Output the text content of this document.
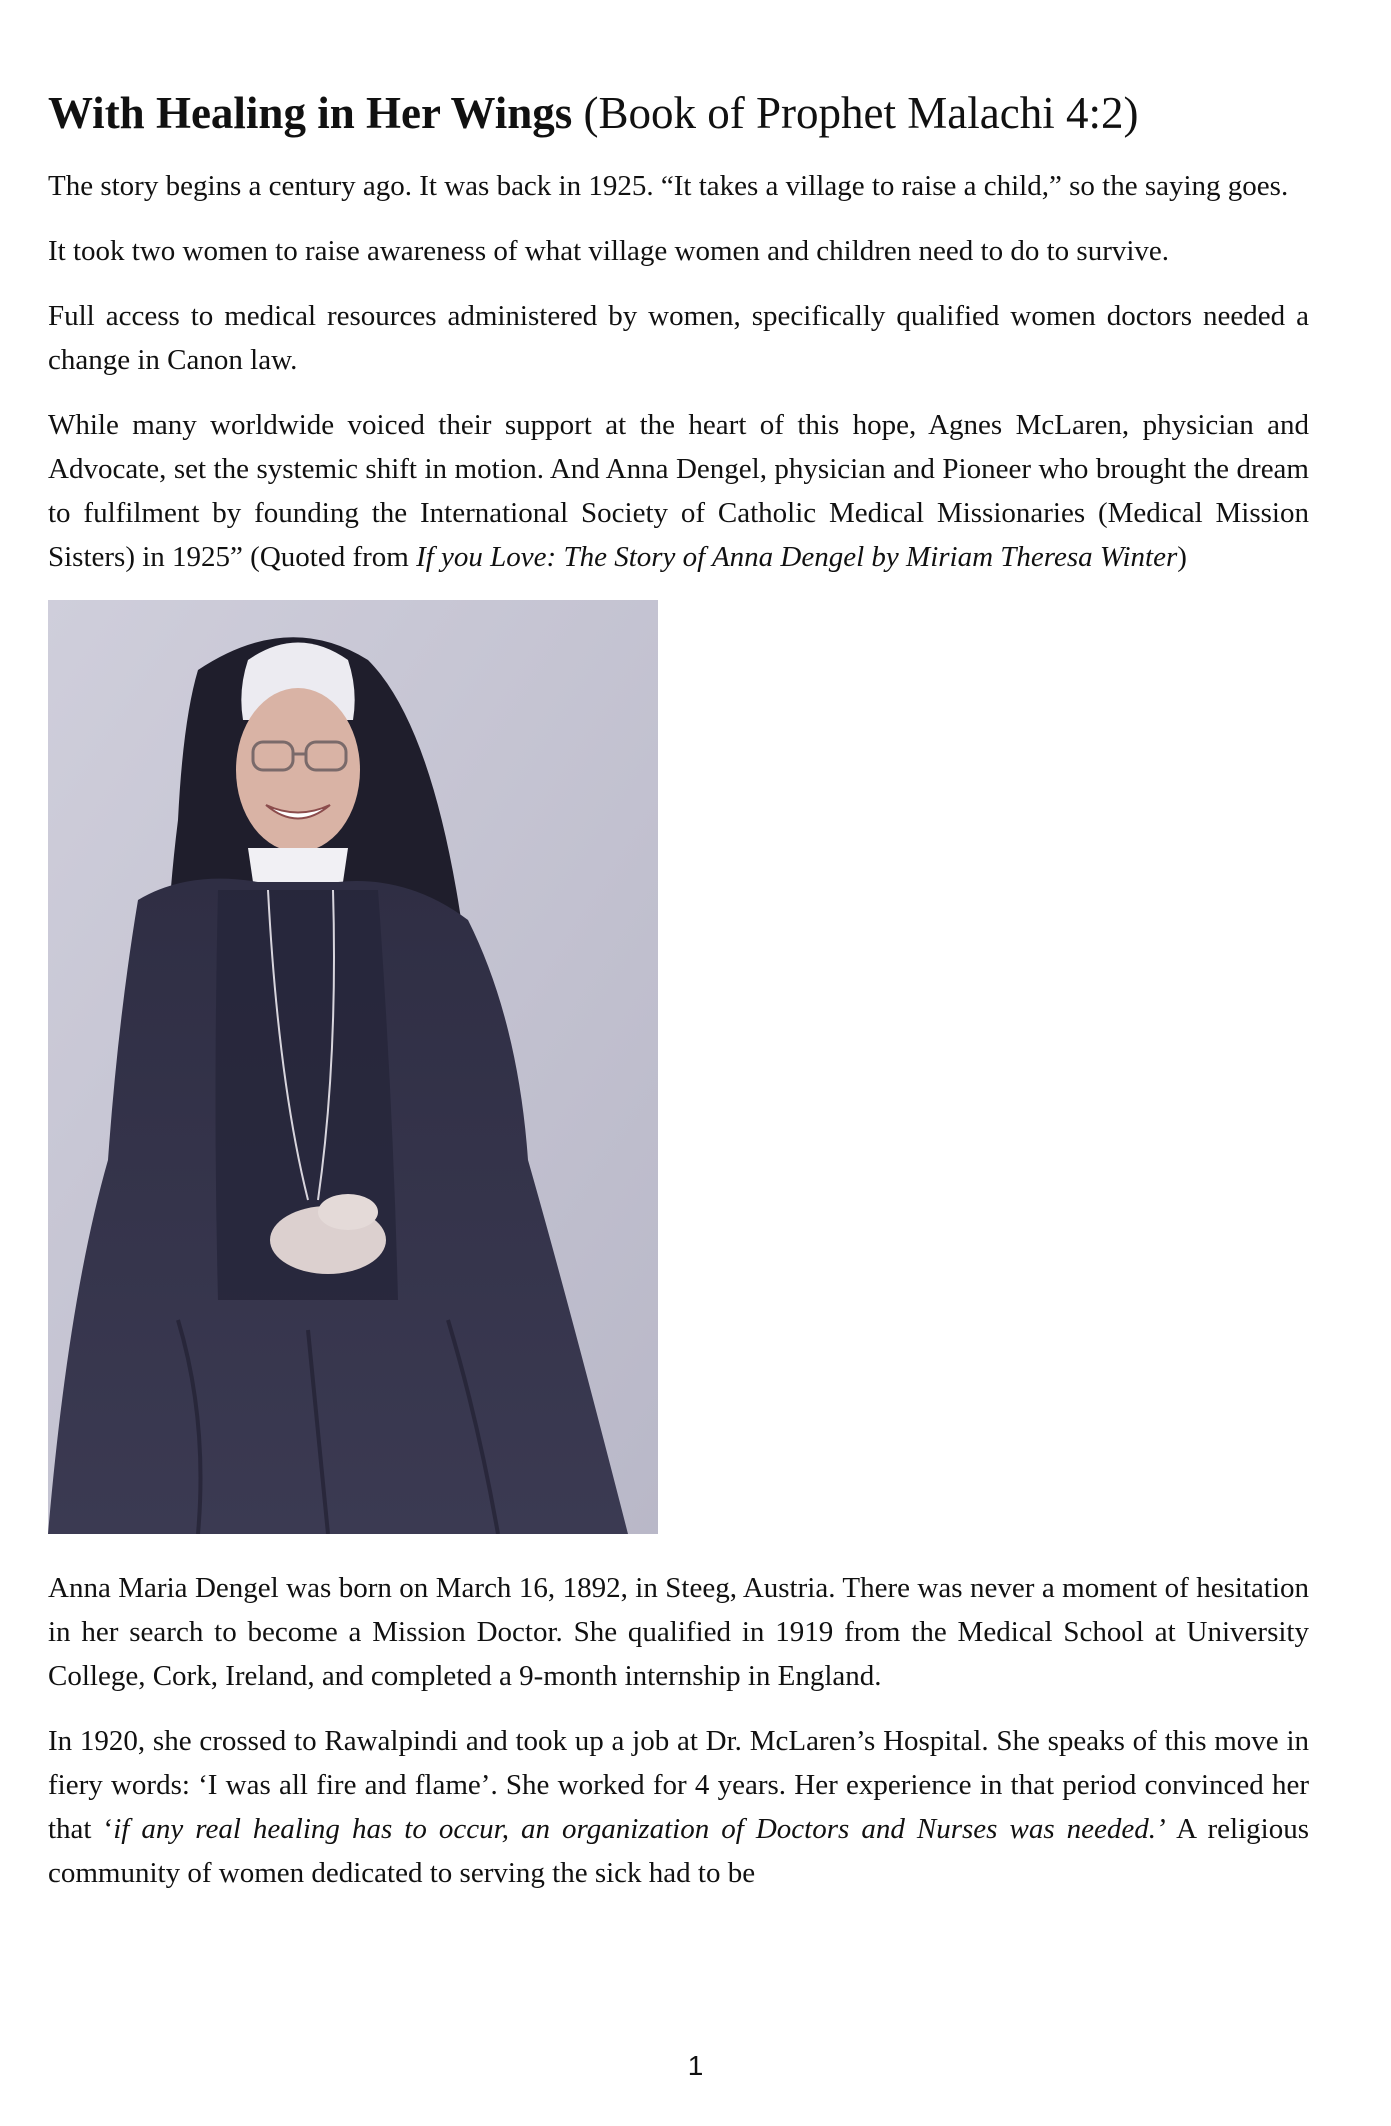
With Healing in Her Wings (Book of Prophet Malachi 4:2)

The story begins a century ago. It was back in 1925. “It takes a village to raise a child,” so the saying goes.

It took two women to raise awareness of what village women and children need to do to survive.

Full access to medical resources administered by women, specifically qualified women doctors needed a change in Canon law.

While many worldwide voiced their support at the heart of this hope, Agnes McLaren, physician and Advocate, set the systemic shift in motion. And Anna Dengel, physician and Pioneer who brought the dream to fulfilment by founding the International Society of Catholic Medical Missionaries (Medical Mission Sisters) in 1925” (Quoted from If you Love: The Story of Anna Dengel by Miriam Theresa Winter)

Anna Maria Dengel was born on March 16, 1892, in Steeg, Austria. There was never a moment of hesitation in her search to become a Mission Doctor. She qualified in 1919 from the Medical School at University College, Cork, Ireland, and completed a 9-month internship in England.

In 1920, she crossed to Rawalpindi and took up a job at Dr. McLaren’s Hospital. She speaks of this move in fiery words: ‘I was all fire and flame’. She worked for 4 years. Her experience in that period convinced her that ‘if any real healing has to occur, an organization of Doctors and Nurses was needed.’ A religious community of women dedicated to serving the sick had to be

1
